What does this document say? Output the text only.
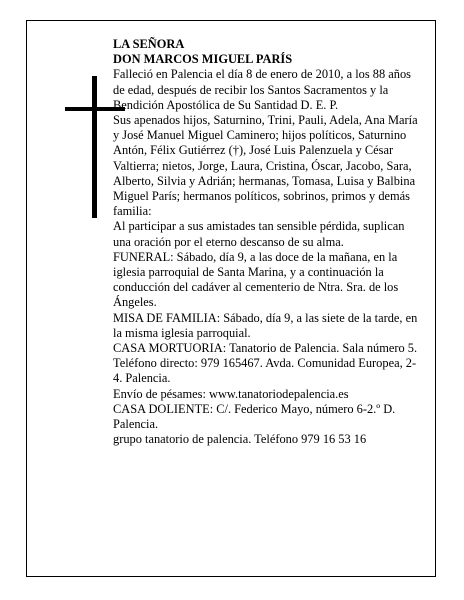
LA SEÑORA

DON MARCOS MIGUEL PARÍS

Falleció en Palencia el día 8 de enero de 2010, a los 88 años de edad, después de recibir los Santos Sacramentos y la Bendición Apostólica de Su Santidad D. E. P.

Sus apenados hijos, Saturnino, Trini, Pauli, Adela, Ana María y José Manuel Miguel Caminero; hijos políticos, Saturnino Antón, Félix Gutiérrez (†), José Luis Palenzuela y César Valtierra; nietos, Jorge, Laura, Cristina, Óscar, Jacobo, Sara, Alberto, Silvia y Adrián; hermanas, Tomasa, Luisa y Balbina Miguel París; hermanos políticos, sobrinos, primos y demás familia:

Al participar a sus amistades tan sensible pérdida, suplican una oración por el eterno descanso de su alma.

FUNERAL: Sábado, día 9, a las doce de la mañana, en la iglesia parroquial de Santa Marina, y a continuación la conducción del cadáver al cementerio de Ntra. Sra. de los Ángeles.

MISA DE FAMILIA: Sábado, día 9, a las siete de la tarde, en la misma iglesia parroquial.

CASA MORTUORIA: Tanatorio de Palencia. Sala número 5. Teléfono directo: 979 165467. Avda. Comunidad Europea, 2-4. Palencia.

Envío de pésames: www.tanatoriodepalencia.es

CASA DOLIENTE: C/. Federico Mayo, número 6-2.º D. Palencia.

grupo tanatorio de palencia. Teléfono 979 16 53 16
